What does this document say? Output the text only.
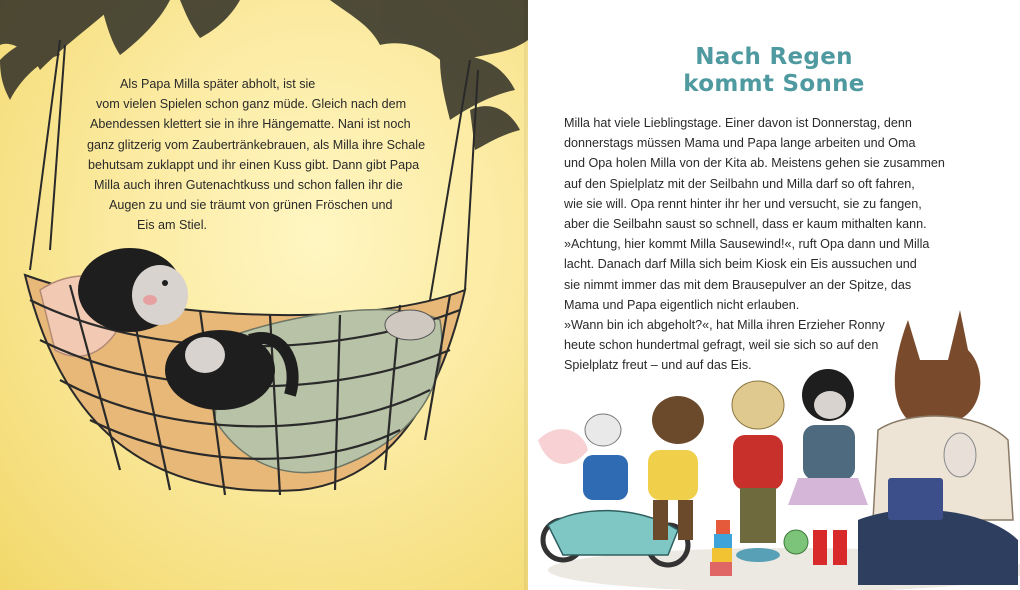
Als Papa Milla später abholt, ist sie
vom vielen Spielen schon ganz müde. Gleich nach dem
Abendessen klettert sie in ihre Hängematte. Nani ist noch
ganz glitzerig vom Zaubertränkebrauen, als Milla ihre Schale
behutsam zuklappt und ihr einen Kuss gibt. Dann gibt Papa
Milla auch ihren Gutenachtkuss und schon fallen ihr die
Augen zu und sie träumt von grünen Fröschen und
Eis am Stiel.

Nach Regen
kommt Sonne

Milla hat viele Lieblingstage. Einer davon ist Donnerstag, denn
donnerstags müssen Mama und Papa lange arbeiten und Oma
und Opa holen Milla von der Kita ab. Meistens gehen sie zusammen
auf den Spielplatz mit der Seilbahn und Milla darf so oft fahren,
wie sie will. Opa rennt hinter ihr her und versucht, sie zu fangen,
aber die Seilbahn saust so schnell, dass er kaum mithalten kann.
»Achtung, hier kommt Milla Sausewind!«, ruft Opa dann und Milla
lacht. Danach darf Milla sich beim Kiosk ein Eis aussuchen und
sie nimmt immer das mit dem Brausepulver an der Spitze, das
Mama und Papa eigentlich nicht erlauben.
»Wann bin ich abgeholt?«, hat Milla ihren Erzieher Ronny
heute schon hundertmal gefragt, weil sie sich so auf den
Spielplatz freut – und auf das Eis.
